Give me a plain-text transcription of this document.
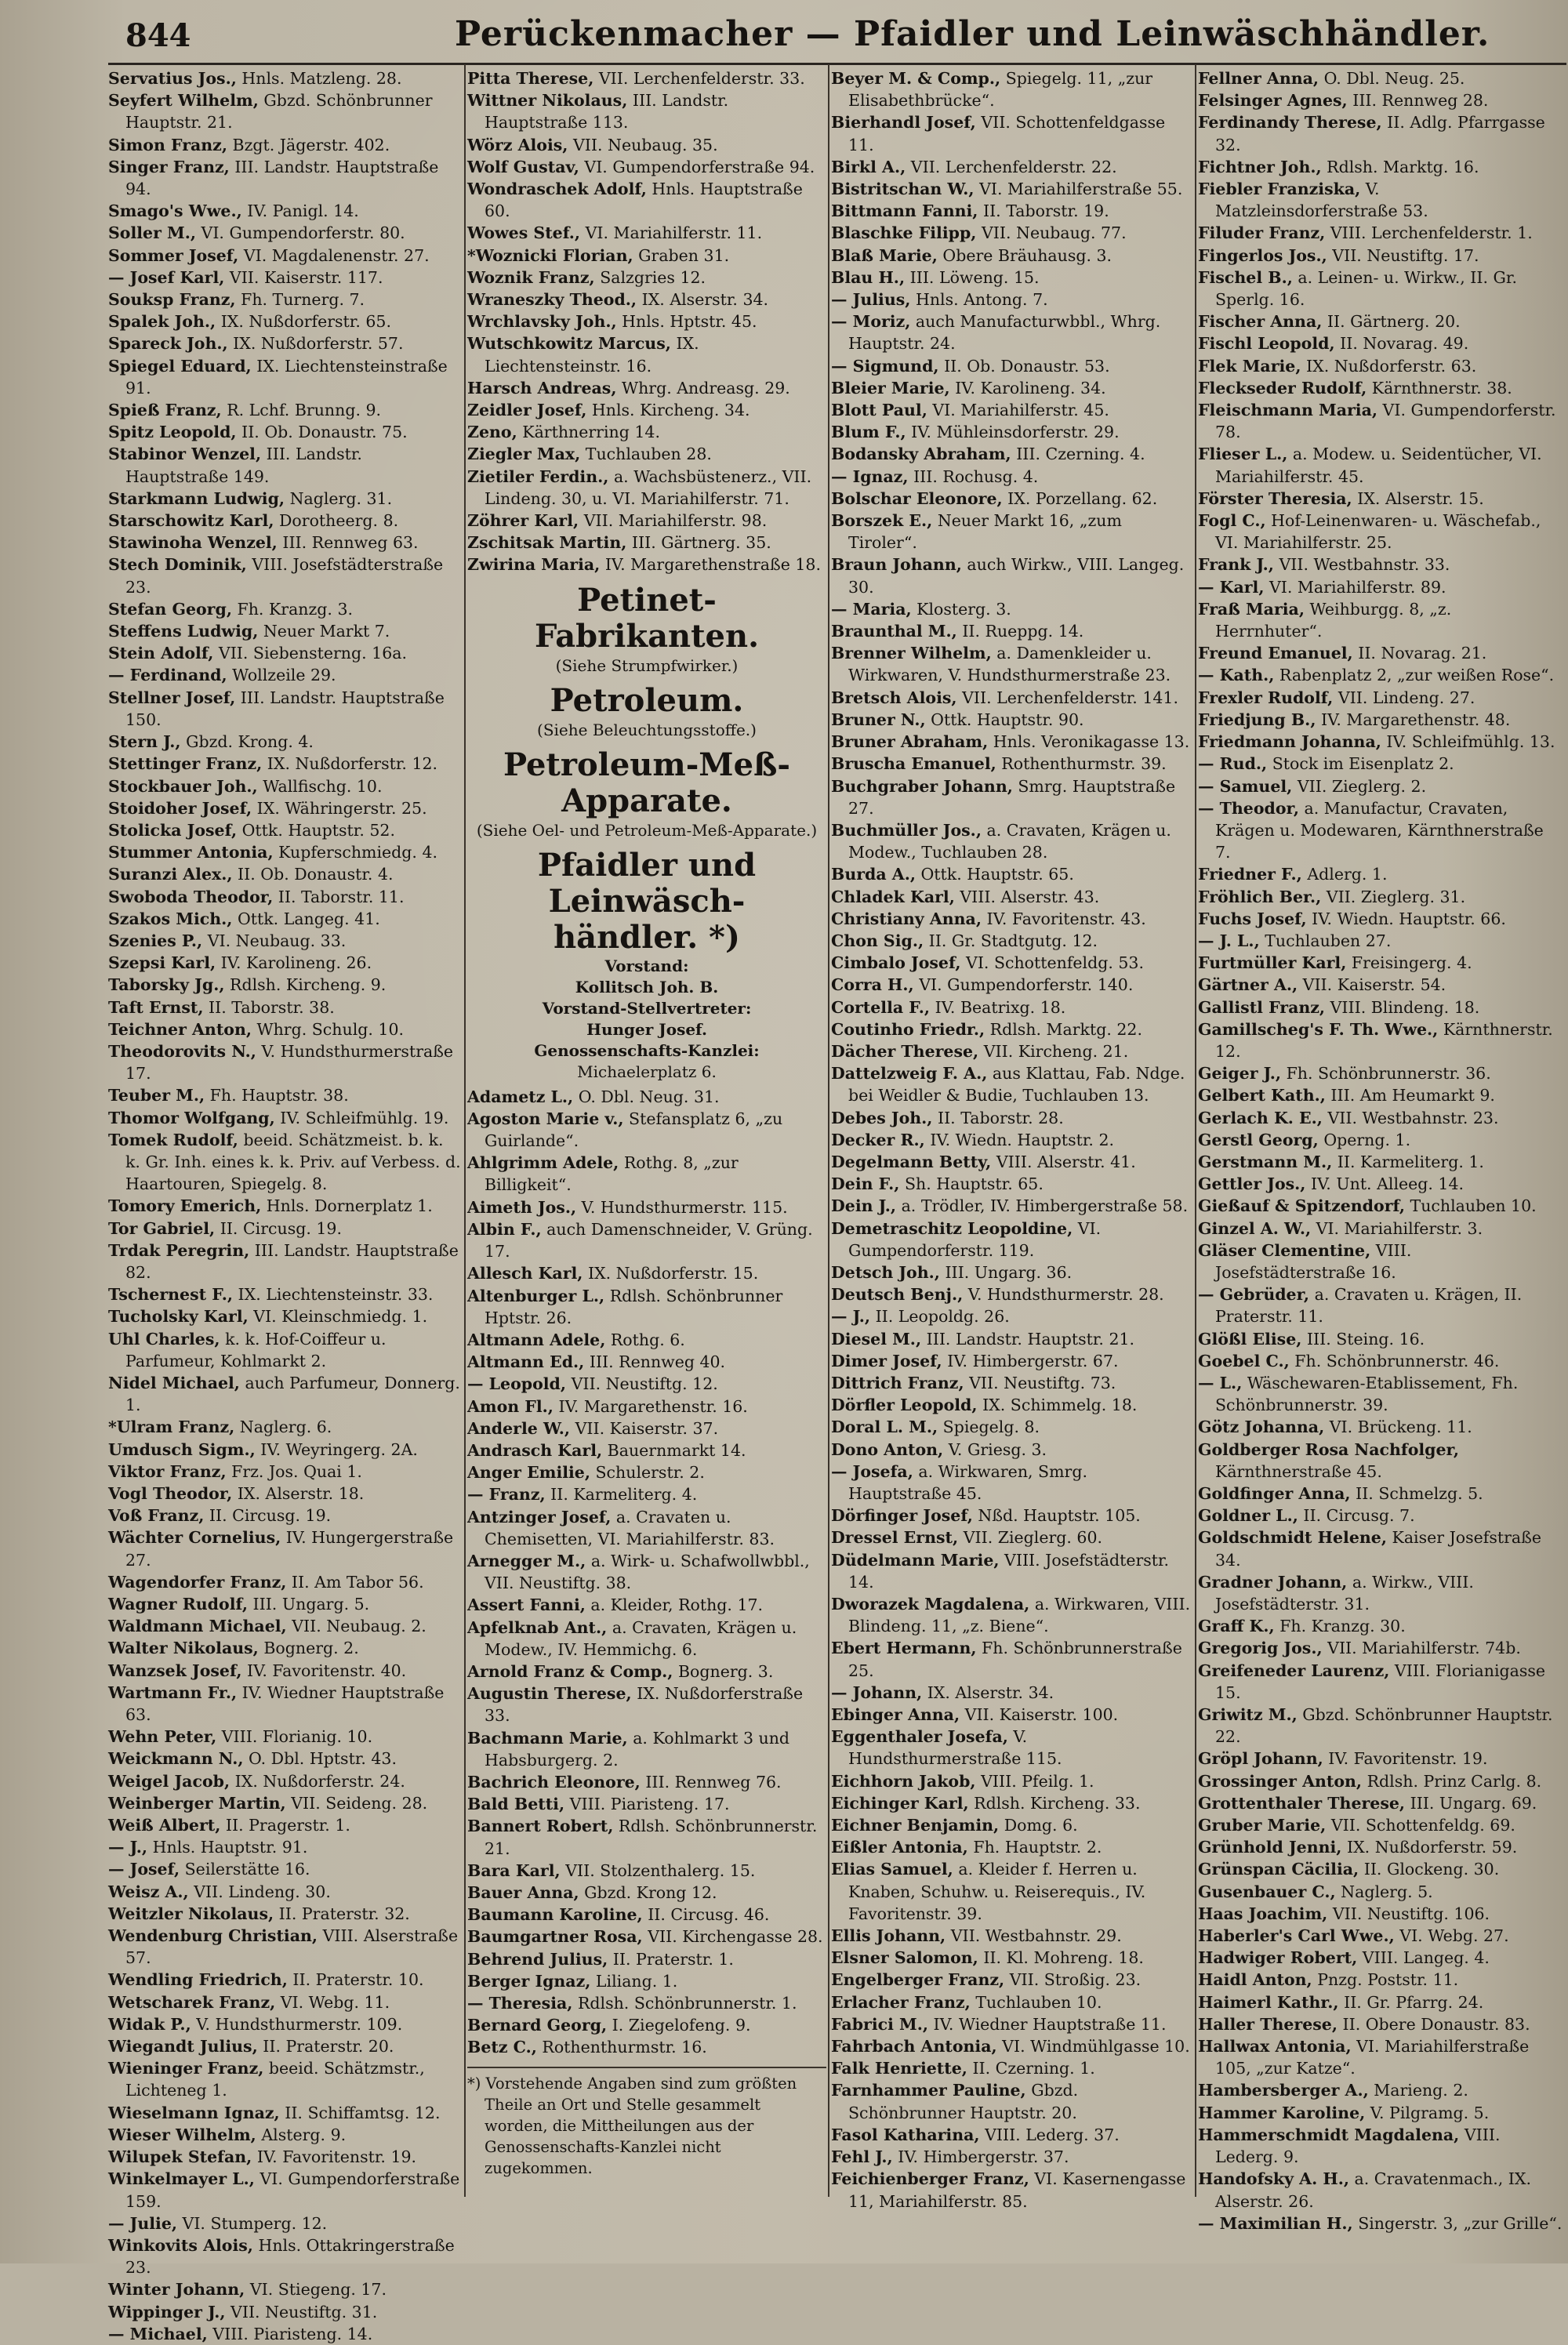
844	Perückenmacher — Pfaidler und Leinwäschhändler.

Servatius Jos., Hnls. Matzleng. 28.

Seyfert Wilhelm, Gbzd. Schönbrunner Hauptstr. 21.

Simon Franz, Bzgt. Jägerstr. 402.

Singer Franz, III. Landstr. Hauptstraße 94.

Smago's Wwe., IV. Panigl. 14.

Soller M., VI. Gumpendorferstr. 80.

Sommer Josef, VI. Magdalenenstr. 27.

— Josef Karl, VII. Kaiserstr. 117.

Souksp Franz, Fh. Turnerg. 7.

Spalek Joh., IX. Nußdorferstr. 65.

Spareck Joh., IX. Nußdorferstr. 57.

Spiegel Eduard, IX. Liechtensteinstraße 91.

Spieß Franz, R. Lchf. Brunng. 9.

Spitz Leopold, II. Ob. Donaustr. 75.

Stabinor Wenzel, III. Landstr. Hauptstraße 149.

Starkmann Ludwig, Naglerg. 31.

Starschowitz Karl, Dorotheerg. 8.

Stawinoha Wenzel, III. Rennweg 63.

Stech Dominik, VIII. Josefstädterstraße 23.

Stefan Georg, Fh. Kranzg. 3.

Steffens Ludwig, Neuer Markt 7.

Stein Adolf, VII. Siebensterng. 16a.

— Ferdinand, Wollzeile 29.

Stellner Josef, III. Landstr. Hauptstraße 150.

Stern J., Gbzd. Krong. 4.

Stettinger Franz, IX. Nußdorferstr. 12.

Stockbauer Joh., Wallfischg. 10.

Stoidoher Josef, IX. Währingerstr. 25.

Stolicka Josef, Ottk. Hauptstr. 52.

Stummer Antonia, Kupferschmiedg. 4.

Suranzi Alex., II. Ob. Donaustr. 4.

Swoboda Theodor, II. Taborstr. 11.

Szakos Mich., Ottk. Langeg. 41.

Szenies P., VI. Neubaug. 33.

Szepsi Karl, IV. Karolineng. 26.

Taborsky Jg., Rdlsh. Kircheng. 9.

Taft Ernst, II. Taborstr. 38.

Teichner Anton, Whrg. Schulg. 10.

Theodorovits N., V. Hundsthurmerstraße 17.

Teuber M., Fh. Hauptstr. 38.

Thomor Wolfgang, IV. Schleifmühlg. 19.

Tomek Rudolf, beeid. Schätzmeist. b. k. k. Gr. Inh. eines k. k. Priv. auf Verbess. d. Haartouren, Spiegelg. 8.

Tomory Emerich, Hnls. Dornerplatz 1.

Tor Gabriel, II. Circusg. 19.

Trdak Peregrin, III. Landstr. Hauptstraße 82.

Tschernest F., IX. Liechtensteinstr. 33.

Tucholsky Karl, VI. Kleinschmiedg. 1.

Uhl Charles, k. k. Hof-Coiffeur u. Parfumeur, Kohlmarkt 2.

Nidel Michael, auch Parfumeur, Donnerg. 1.

*Ulram Franz, Naglerg. 6.

Umdusch Sigm., IV. Weyringerg. 2A.

Viktor Franz, Frz. Jos. Quai 1.

Vogl Theodor, IX. Alserstr. 18.

Voß Franz, II. Circusg. 19.

Wächter Cornelius, IV. Hungergerstraße 27.

Wagendorfer Franz, II. Am Tabor 56.

Wagner Rudolf, III. Ungarg. 5.

Waldmann Michael, VII. Neubaug. 2.

Walter Nikolaus, Bognerg. 2.

Wanzsek Josef, IV. Favoritenstr. 40.

Wartmann Fr., IV. Wiedner Hauptstraße 63.

Wehn Peter, VIII. Florianig. 10.

Weickmann N., O. Dbl. Hptstr. 43.

Weigel Jacob, IX. Nußdorferstr. 24.

Weinberger Martin, VII. Seideng. 28.

Weiß Albert, II. Pragerstr. 1.

— J., Hnls. Hauptstr. 91.

— Josef, Seilerstätte 16.

Weisz A., VII. Lindeng. 30.

Weitzler Nikolaus, II. Praterstr. 32.

Wendenburg Christian, VIII. Alserstraße 57.

Wendling Friedrich, II. Praterstr. 10.

Wetscharek Franz, VI. Webg. 11.

Widak P., V. Hundsthurmerstr. 109.

Wiegandt Julius, II. Praterstr. 20.

Wieninger Franz, beeid. Schätzmstr., Lichteneg 1.

Wieselmann Ignaz, II. Schiffamtsg. 12.

Wieser Wilhelm, Alsterg. 9.

Wilupek Stefan, IV. Favoritenstr. 19.

Winkelmayer L., VI. Gumpendorferstraße 159.

— Julie, VI. Stumperg. 12.

Winkovits Alois, Hnls. Ottakringerstraße 23.

Winter Johann, VI. Stiegeng. 17.

Wippinger J., VII. Neustiftg. 31.

— Michael, VIII. Piaristeng. 14.

Pitta Therese, VII. Lerchenfelderstr. 33.

Wittner Nikolaus, III. Landstr. Hauptstraße 113.

Wörz Alois, VII. Neubaug. 35.

Wolf Gustav, VI. Gumpendorferstraße 94.

Wondraschek Adolf, Hnls. Hauptstraße 60.

Wowes Stef., VI. Mariahilferstr. 11.

*Woznicki Florian, Graben 31.

Woznik Franz, Salzgries 12.

Wraneszky Theod., IX. Alserstr. 34.

Wrchlavsky Joh., Hnls. Hptstr. 45.

Wutschkowitz Marcus, IX. Liechtensteinstr. 16.

Harsch Andreas, Whrg. Andreasg. 29.

Zeidler Josef, Hnls. Kircheng. 34.

Zeno, Kärthnerring 14.

Ziegler Max, Tuchlauben 28.

Zietiler Ferdin., a. Wachsbüstenerz., VII. Lindeng. 30, u. VI. Mariahilferstr. 71.

Zöhrer Karl, VII. Mariahilferstr. 98.

Zschitsak Martin, III. Gärtnerg. 35.

Zwirina Maria, IV. Margarethenstraße 18.

Petinet-Fabrikanten.
(Siehe Strumpfwirker.)
Petroleum.
(Siehe Beleuchtungsstoffe.)
Petroleum-Meß-
Apparate.
(Siehe Oel- und Petroleum-Meß-Apparate.)
Pfaidler und Leinwäsch-
händler. *)
Vorstand:
Kollitsch Joh. B.
Vorstand-Stellvertreter:
Hunger Josef.
Genossenschafts-Kanzlei:
Michaelerplatz 6.

Adametz L., O. Dbl. Neug. 31.

Agoston Marie v., Stefansplatz 6, „zu Guirlande“.

Ahlgrimm Adele, Rothg. 8, „zur Billigkeit“.

Aimeth Jos., V. Hundsthurmerstr. 115.

Albin F., auch Damenschneider, V. Grüng. 17.

Allesch Karl, IX. Nußdorferstr. 15.

Altenburger L., Rdlsh. Schönbrunner Hptstr. 26.

Altmann Adele, Rothg. 6.

Altmann Ed., III. Rennweg 40.

— Leopold, VII. Neustiftg. 12.

Amon Fl., IV. Margarethenstr. 16.

Anderle W., VII. Kaiserstr. 37.

Andrasch Karl, Bauernmarkt 14.

Anger Emilie, Schulerstr. 2.

— Franz, II. Karmeliterg. 4.

Antzinger Josef, a. Cravaten u. Chemisetten, VI. Mariahilferstr. 83.

Arnegger M., a. Wirk- u. Schafwollwbbl., VII. Neustiftg. 38.

Assert Fanni, a. Kleider, Rothg. 17.

Apfelknab Ant., a. Cravaten, Krägen u. Modew., IV. Hemmichg. 6.

Arnold Franz & Comp., Bognerg. 3.

Augustin Therese, IX. Nußdorferstraße 33.

Bachmann Marie, a. Kohlmarkt 3 und Habsburgerg. 2.

Bachrich Eleonore, III. Rennweg 76.

Bald Betti, VIII. Piaristeng. 17.

Bannert Robert, Rdlsh. Schönbrunnerstr. 21.

Bara Karl, VII. Stolzenthalerg. 15.

Bauer Anna, Gbzd. Krong 12.

Baumann Karoline, II. Circusg. 46.

Baumgartner Rosa, VII. Kirchengasse 28.

Behrend Julius, II. Praterstr. 1.

Berger Ignaz, Liliang. 1.

— Theresia, Rdlsh. Schönbrunnerstr. 1.

Bernard Georg, I. Ziegelofeng. 9.

Betz C., Rothenthurmstr. 16.

*) Vorstehende Angaben sind zum größten Theile an Ort und Stelle gesammelt worden, die Mittheilungen aus der Genossenschafts-Kanzlei nicht zugekommen.

Beyer M. & Comp., Spiegelg. 11, „zur Elisabethbrücke“.

Bierhandl Josef, VII. Schottenfeldgasse 11.

Birkl A., VII. Lerchenfelderstr. 22.

Bistritschan W., VI. Mariahilferstraße 55.

Bittmann Fanni, II. Taborstr. 19.

Blaschke Filipp, VII. Neubaug. 77.

Blaß Marie, Obere Bräuhausg. 3.

Blau H., III. Löweng. 15.

— Julius, Hnls. Antong. 7.

— Moriz, auch Manufacturwbbl., Whrg. Hauptstr. 24.

— Sigmund, II. Ob. Donaustr. 53.

Bleier Marie, IV. Karolineng. 34.

Blott Paul, VI. Mariahilferstr. 45.

Blum F., IV. Mühleinsdorferstr. 29.

Bodansky Abraham, III. Czerning. 4.

— Ignaz, III. Rochusg. 4.

Bolschar Eleonore, IX. Porzellang. 62.

Borszek E., Neuer Markt 16, „zum Tiroler“.

Braun Johann, auch Wirkw., VIII. Langeg. 30.

— Maria, Klosterg. 3.

Braunthal M., II. Rueppg. 14.

Brenner Wilhelm, a. Damenkleider u. Wirkwaren, V. Hundsthurmerstraße 23.

Bretsch Alois, VII. Lerchenfelderstr. 141.

Bruner N., Ottk. Hauptstr. 90.

Bruner Abraham, Hnls. Veronikagasse 13.

Bruscha Emanuel, Rothenthurmstr. 39.

Buchgraber Johann, Smrg. Hauptstraße 27.

Buchmüller Jos., a. Cravaten, Krägen u. Modew., Tuchlauben 28.

Burda A., Ottk. Hauptstr. 65.

Chladek Karl, VIII. Alserstr. 43.

Christiany Anna, IV. Favoritenstr. 43.

Chon Sig., II. Gr. Stadtgutg. 12.

Cimbalo Josef, VI. Schottenfeldg. 53.

Corra H., VI. Gumpendorferstr. 140.

Cortella F., IV. Beatrixg. 18.

Coutinho Friedr., Rdlsh. Marktg. 22.

Dächer Therese, VII. Kircheng. 21.

Dattelzweig F. A., aus Klattau, Fab. Ndge. bei Weidler & Budie, Tuchlauben 13.

Debes Joh., II. Taborstr. 28.

Decker R., IV. Wiedn. Hauptstr. 2.

Degelmann Betty, VIII. Alserstr. 41.

Dein F., Sh. Hauptstr. 65.

Dein J., a. Trödler, IV. Himbergerstraße 58.

Demetraschitz Leopoldine, VI. Gumpendorferstr. 119.

Detsch Joh., III. Ungarg. 36.

Deutsch Benj., V. Hundsthurmerstr. 28.

— J., II. Leopoldg. 26.

Diesel M., III. Landstr. Hauptstr. 21.

Dimer Josef, IV. Himbergerstr. 67.

Dittrich Franz, VII. Neustiftg. 73.

Dörfler Leopold, IX. Schimmelg. 18.

Doral L. M., Spiegelg. 8.

Dono Anton, V. Griesg. 3.

— Josefa, a. Wirkwaren, Smrg. Hauptstraße 45.

Dörfinger Josef, Nßd. Hauptstr. 105.

Dressel Ernst, VII. Zieglerg. 60.

Düdelmann Marie, VIII. Josefstädterstr. 14.

Dworazek Magdalena, a. Wirkwaren, VIII. Blindeng. 11, „z. Biene“.

Ebert Hermann, Fh. Schönbrunnerstraße 25.

— Johann, IX. Alserstr. 34.

Ebinger Anna, VII. Kaiserstr. 100.

Eggenthaler Josefa, V. Hundsthurmerstraße 115.

Eichhorn Jakob, VIII. Pfeilg. 1.

Eichinger Karl, Rdlsh. Kircheng. 33.

Eichner Benjamin, Domg. 6.

Eißler Antonia, Fh. Hauptstr. 2.

Elias Samuel, a. Kleider f. Herren u. Knaben, Schuhw. u. Reiserequis., IV. Favoritenstr. 39.

Ellis Johann, VII. Westbahnstr. 29.

Elsner Salomon, II. Kl. Mohreng. 18.

Engelberger Franz, VII. Stroßig. 23.

Erlacher Franz, Tuchlauben 10.

Fabrici M., IV. Wiedner Hauptstraße 11.

Fahrbach Antonia, VI. Windmühlgasse 10.

Falk Henriette, II. Czerning. 1.

Farnhammer Pauline, Gbzd. Schönbrunner Hauptstr. 20.

Fasol Katharina, VIII. Lederg. 37.

Fehl J., IV. Himbergerstr. 37.

Feichienberger Franz, VI. Kasernengasse 11, Mariahilferstr. 85.

Fellner Anna, O. Dbl. Neug. 25.

Felsinger Agnes, III. Rennweg 28.

Ferdinandy Therese, II. Adlg. Pfarrgasse 32.

Fichtner Joh., Rdlsh. Marktg. 16.

Fiebler Franziska, V. Matzleinsdorferstraße 53.

Filuder Franz, VIII. Lerchenfelderstr. 1.

Fingerlos Jos., VII. Neustiftg. 17.

Fischel B., a. Leinen- u. Wirkw., II. Gr. Sperlg. 16.

Fischer Anna, II. Gärtnerg. 20.

Fischl Leopold, II. Novarag. 49.

Flek Marie, IX. Nußdorferstr. 63.

Fleckseder Rudolf, Kärnthnerstr. 38.

Fleischmann Maria, VI. Gumpendorferstr. 78.

Flieser L., a. Modew. u. Seidentücher, VI. Mariahilferstr. 45.

Förster Theresia, IX. Alserstr. 15.

Fogl C., Hof-Leinenwaren- u. Wäschefab., VI. Mariahilferstr. 25.

Frank J., VII. Westbahnstr. 33.

— Karl, VI. Mariahilferstr. 89.

Fraß Maria, Weihburgg. 8, „z. Herrnhuter“.

Freund Emanuel, II. Novarag. 21.

— Kath., Rabenplatz 2, „zur weißen Rose“.

Frexler Rudolf, VII. Lindeng. 27.

Friedjung B., IV. Margarethenstr. 48.

Friedmann Johanna, IV. Schleifmühlg. 13.

— Rud., Stock im Eisenplatz 2.

— Samuel, VII. Zieglerg. 2.

— Theodor, a. Manufactur, Cravaten, Krägen u. Modewaren, Kärnthnerstraße 7.

Friedner F., Adlerg. 1.

Fröhlich Ber., VII. Zieglerg. 31.

Fuchs Josef, IV. Wiedn. Hauptstr. 66.

— J. L., Tuchlauben 27.

Furtmüller Karl, Freisingerg. 4.

Gärtner A., VII. Kaiserstr. 54.

Gallistl Franz, VIII. Blindeng. 18.

Gamillscheg's F. Th. Wwe., Kärnthnerstr. 12.

Geiger J., Fh. Schönbrunnerstr. 36.

Gelbert Kath., III. Am Heumarkt 9.

Gerlach K. E., VII. Westbahnstr. 23.

Gerstl Georg, Operng. 1.

Gerstmann M., II. Karmeliterg. 1.

Gettler Jos., IV. Unt. Alleeg. 14.

Gießauf & Spitzendorf, Tuchlauben 10.

Ginzel A. W., VI. Mariahilferstr. 3.

Gläser Clementine, VIII. Josefstädterstraße 16.

— Gebrüder, a. Cravaten u. Krägen, II. Praterstr. 11.

Glößl Elise, III. Steing. 16.

Goebel C., Fh. Schönbrunnerstr. 46.

— L., Wäschewaren-Etablissement, Fh. Schönbrunnerstr. 39.

Götz Johanna, VI. Brückeng. 11.

Goldberger Rosa Nachfolger, Kärnthnerstraße 45.

Goldfinger Anna, II. Schmelzg. 5.

Goldner L., II. Circusg. 7.

Goldschmidt Helene, Kaiser Josefstraße 34.

Gradner Johann, a. Wirkw., VIII. Josefstädterstr. 31.

Graff K., Fh. Kranzg. 30.

Gregorig Jos., VII. Mariahilferstr. 74b.

Greifeneder Laurenz, VIII. Florianigasse 15.

Griwitz M., Gbzd. Schönbrunner Hauptstr. 22.

Gröpl Johann, IV. Favoritenstr. 19.

Grossinger Anton, Rdlsh. Prinz Carlg. 8.

Grottenthaler Therese, III. Ungarg. 69.

Gruber Marie, VII. Schottenfeldg. 69.

Grünhold Jenni, IX. Nußdorferstr. 59.

Grünspan Cäcilia, II. Glockeng. 30.

Gusenbauer C., Naglerg. 5.

Haas Joachim, VII. Neustiftg. 106.

Haberler's Carl Wwe., VI. Webg. 27.

Hadwiger Robert, VIII. Langeg. 4.

Haidl Anton, Pnzg. Poststr. 11.

Haimerl Kathr., II. Gr. Pfarrg. 24.

Haller Therese, II. Obere Donaustr. 83.

Hallwax Antonia, VI. Mariahilferstraße 105, „zur Katze“.

Hambersberger A., Marieng. 2.

Hammer Karoline, V. Pilgramg. 5.

Hammerschmidt Magdalena, VIII. Lederg. 9.

Handofsky A. H., a. Cravatenmach., IX. Alserstr. 26.

— Maximilian H., Singerstr. 3, „zur Grille“.
